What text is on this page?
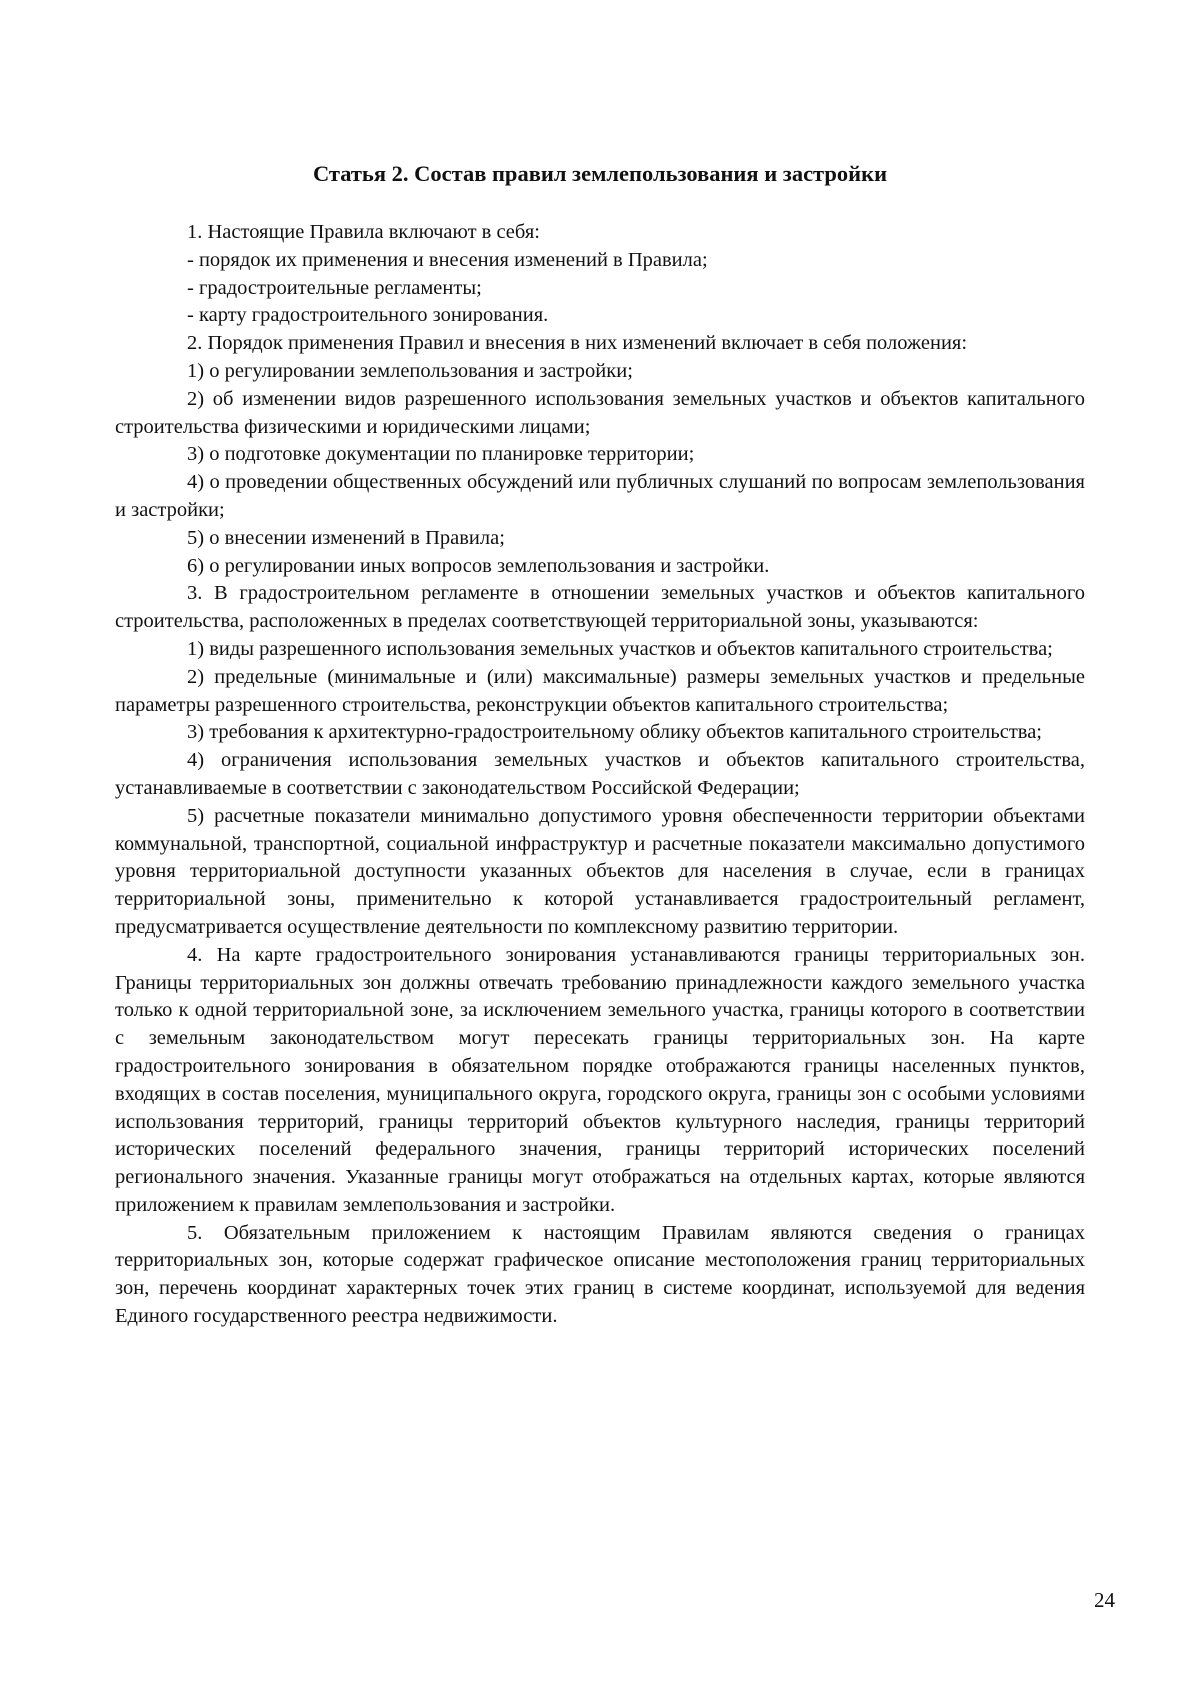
Статья 2. Состав правил землепользования и застройки

1. Настоящие Правила включают в себя:

- порядок их применения и внесения изменений в Правила;

- градостроительные регламенты;

- карту градостроительного зонирования.

2. Порядок применения Правил и внесения в них изменений включает в себя положения:

1) о регулировании землепользования и застройки;

2) об изменении видов разрешенного использования земельных участков и объектов капитального строительства физическими и юридическими лицами;

3) о подготовке документации по планировке территории;

4) о проведении общественных обсуждений или публичных слушаний по вопросам землепользования и застройки;

5) о внесении изменений в Правила;

6) о регулировании иных вопросов землепользования и застройки.

3. В градостроительном регламенте в отношении земельных участков и объектов капитального строительства, расположенных в пределах соответствующей территориальной зоны, указываются:

1) виды разрешенного использования земельных участков и объектов капитального строительства;

2) предельные (минимальные и (или) максимальные) размеры земельных участков и предельные параметры разрешенного строительства, реконструкции объектов капитального строительства;

3) требования к архитектурно-градостроительному облику объектов капитального строительства;

4) ограничения использования земельных участков и объектов капитального строительства, устанавливаемые в соответствии с законодательством Российской Федерации;

5) расчетные показатели минимально допустимого уровня обеспеченности территории объектами коммунальной, транспортной, социальной инфраструктур и расчетные показатели максимально допустимого уровня территориальной доступности указанных объектов для населения в случае, если в границах территориальной зоны, применительно к которой устанавливается градостроительный регламент, предусматривается осуществление деятельности по комплексному развитию территории.

4. На карте градостроительного зонирования устанавливаются границы территориальных зон. Границы территориальных зон должны отвечать требованию принадлежности каждого земельного участка только к одной территориальной зоне, за исключением земельного участка, границы которого в соответствии с земельным законодательством могут пересекать границы территориальных зон. На карте градостроительного зонирования в обязательном порядке отображаются границы населенных пунктов, входящих в состав поселения, муниципального округа, городского округа, границы зон с особыми условиями использования территорий, границы территорий объектов культурного наследия, границы территорий исторических поселений федерального значения, границы территорий исторических поселений регионального значения. Указанные границы могут отображаться на отдельных картах, которые являются приложением к правилам землепользования и застройки.

5. Обязательным приложением к настоящим Правилам являются сведения о границах территориальных зон, которые содержат графическое описание местоположения границ территориальных зон, перечень координат характерных точек этих границ в системе координат, используемой для ведения Единого государственного реестра недвижимости.

24
